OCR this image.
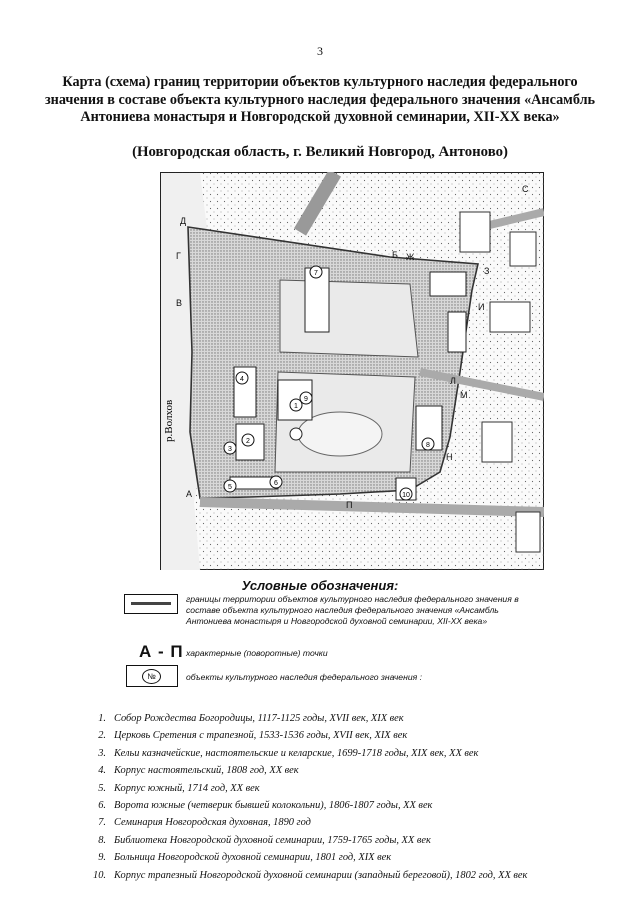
3
Карта (схема) границ территории объектов культурного наследия федерального значения в составе объекта культурного наследия федерального значения «Ансамбль Антониева монастыря и Новгородской духовной семинарии, XII-XX века»
(Новгородская область, г. Великий Новгород, Антоново)
р.Волхов
А
В
Г
Д
Ж
З
И
Л
М
Н
П
С
Б
1
2
3
4
5
6
7
8
9
10
Условные обозначения:
границы территории объектов культурного наследия федерального значения в составе объекта культурного наследия федерального значения «Ансамбль Антониева монастыря и Новгородской духовной семинарии, XII-XX века»
А - П характерные (поворотные) точки
№	объекты культурного наследия федерального значения :
1. Собор Рождества Богородицы, 1117-1125 годы, XVII век, XIX век
2. Церковь Сретения с трапезной, 1533-1536 годы, XVII век, XIX век
3. Кельи казначейские, настоятельские и келарские, 1699-1718 годы, XIX век, XX век
4. Корпус настоятельский, 1808 год, XX век
5. Корпус южный, 1714 год, XX век
6. Ворота южные (четверик бывшей колокольни), 1806-1807 годы, XX век
7. Семинария Новгородская духовная, 1890 год
8. Библиотека Новгородской духовной семинарии, 1759-1765 годы, XX век
9. Больница Новгородской духовной семинарии, 1801 год, XIX век
10. Корпус трапезный Новгородской духовной семинарии (западный береговой), 1802 год, XX век
